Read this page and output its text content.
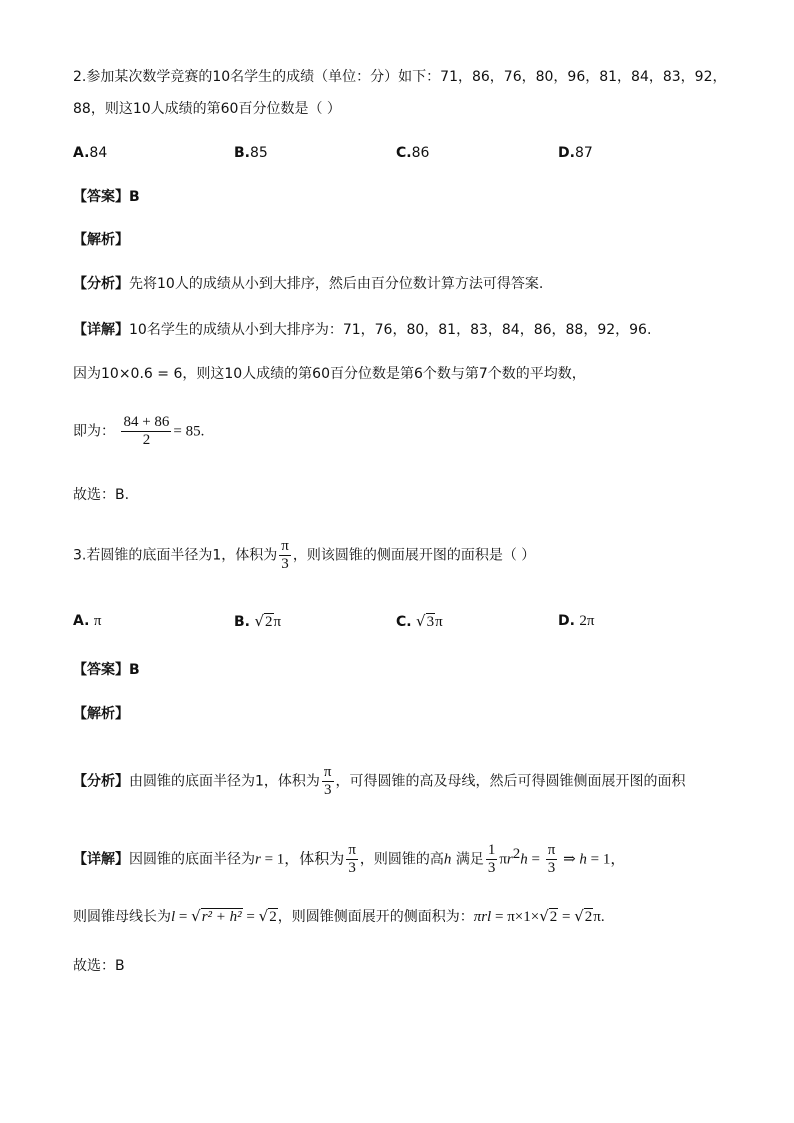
2.参加某次数学竞赛的10名学生的成绩（单位：分）如下：71，86，76，80，96，81，84，83，92，
88，则这10人成绩的第60百分位数是（ ）
A.84	B.85	C.86	D.87
【答案】B
【解析】
【分析】先将10人的成绩从小到大排序，然后由百分位数计算方法可得答案.
【详解】10名学生的成绩从小到大排序为：71，76，80，81，83，84，86，88，92，96.
因为10×0.6 = 6，则这10人成绩的第60百分位数是第6个数与第7个数的平均数，
即为： $\frac{84 + 86}{2} = 85$.
故选：B.
3.若圆锥的底面半径为1，体积为 $\frac{\pi}{3}$ ，则该圆锥的侧面展开图的面积是（ ）
A. π	B. √2π	C. √3π	D. 2π
【答案】B
【解析】
【分析】由圆锥的底面半径为1，体积为 $\frac{\pi}{3}$ ，可得圆锥的高及母线，然后可得圆锥侧面展开图的面积
【详解】因圆锥的底面半径为r = 1，体积为 $\frac{\pi}{3}$ ，则圆锥的高h 满足 $\frac{1}{3} \pi r^2h = \frac{\pi}{3}$ ⇒ h = 1，
则圆锥母线长为l = √r² + h² = √2，则圆锥侧面展开的侧面积为：πrl = π×1×√2 = √2π.
故选：B
